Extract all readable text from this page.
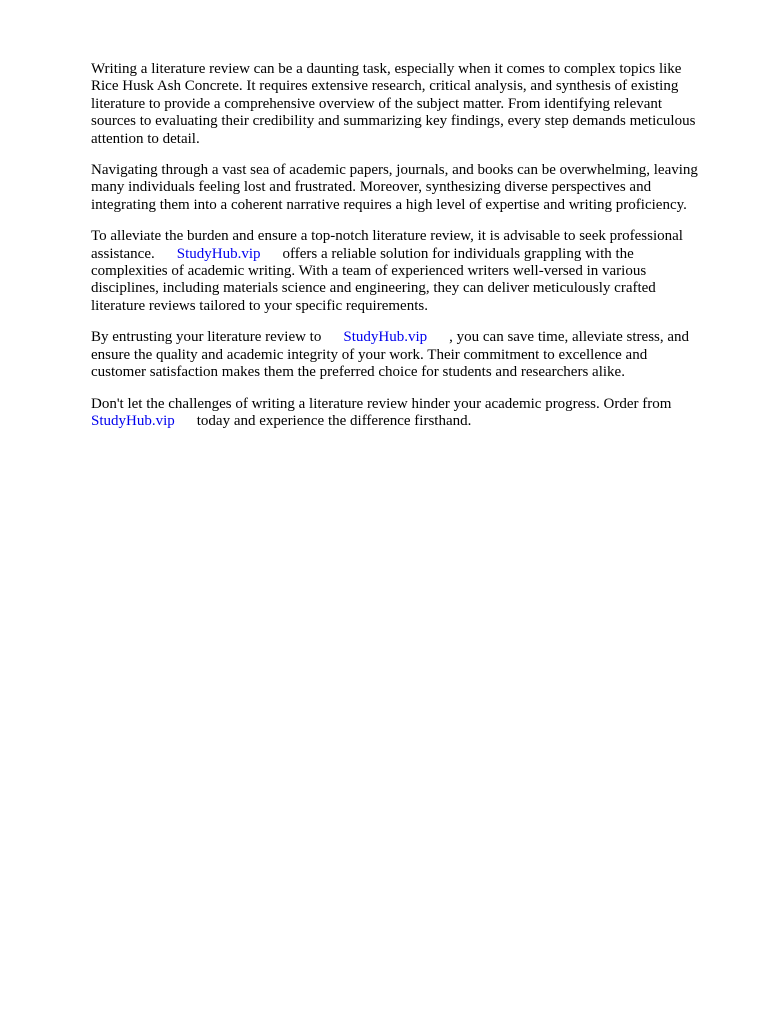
Writing a literature review can be a daunting task, especially when it comes to complex topics like
Rice Husk Ash Concrete. It requires extensive research, critical analysis, and synthesis of existing
literature to provide a comprehensive overview of the subject matter. From identifying relevant
sources to evaluating their credibility and summarizing key findings, every step demands meticulous
attention to detail.

Navigating through a vast sea of academic papers, journals, and books can be overwhelming, leaving
many individuals feeling lost and frustrated. Moreover, synthesizing diverse perspectives and
integrating them into a coherent narrative requires a high level of expertise and writing proficiency.

To alleviate the burden and ensure a top-notch literature review, it is advisable to seek professional
assistance. StudyHub.vip offers a reliable solution for individuals grappling with the
complexities of academic writing. With a team of experienced writers well-versed in various
disciplines, including materials science and engineering, they can deliver meticulously crafted
literature reviews tailored to your specific requirements.

By entrusting your literature review to StudyHub.vip , you can save time, alleviate stress, and
ensure the quality and academic integrity of your work. Their commitment to excellence and
customer satisfaction makes them the preferred choice for students and researchers alike.

Don't let the challenges of writing a literature review hinder your academic progress. Order from
StudyHub.vip today and experience the difference firsthand.
